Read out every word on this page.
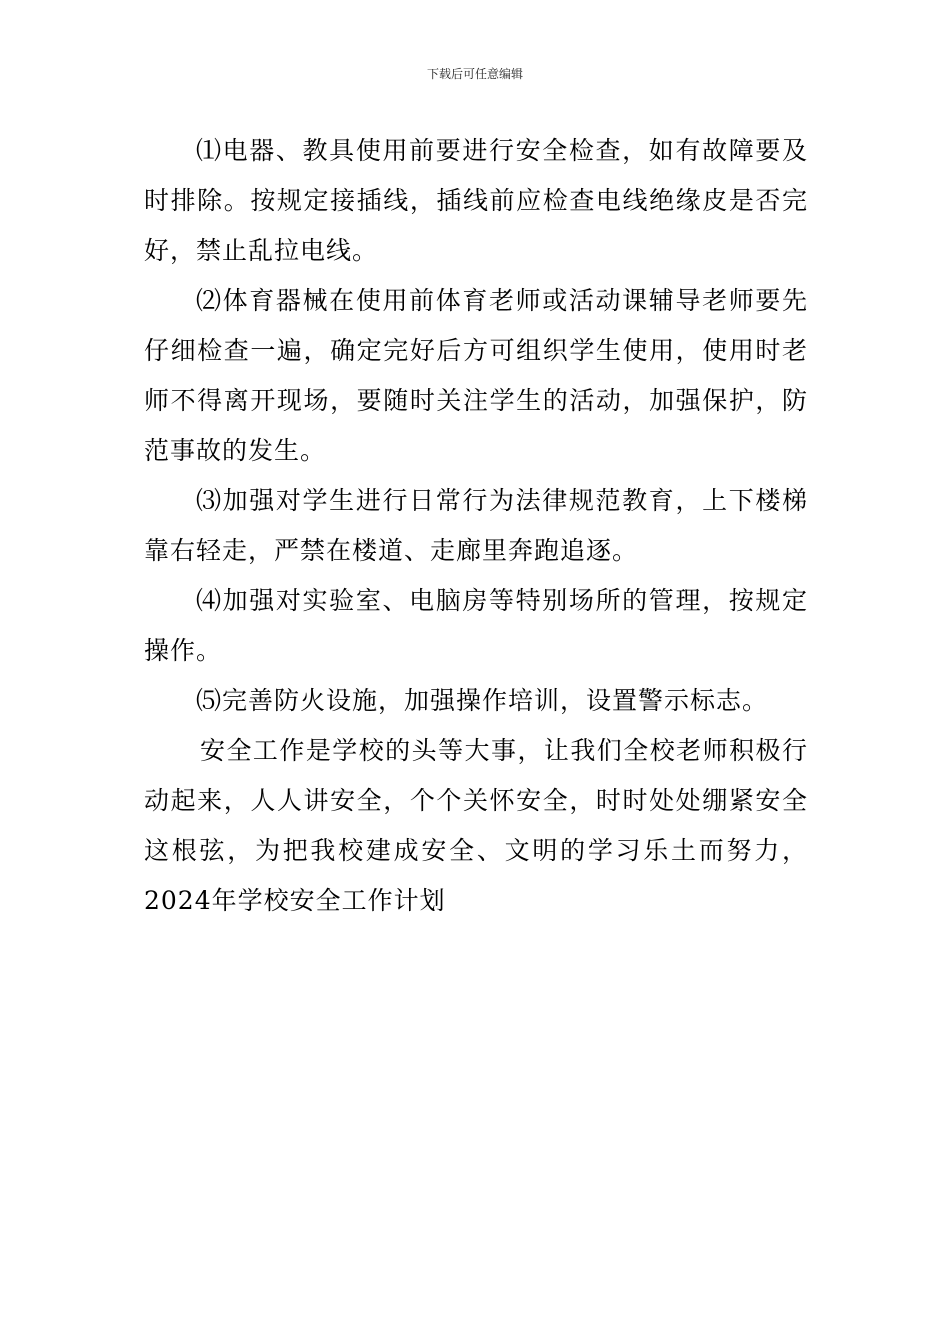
下载后可任意编辑

⑴电器、教具使用前要进行安全检查，如有故障要及时排除。按规定接插线，插线前应检查电线绝缘皮是否完好，禁止乱拉电线。

⑵体育器械在使用前体育老师或活动课辅导老师要先仔细检查一遍，确定完好后方可组织学生使用，使用时老师不得离开现场，要随时关注学生的活动，加强保护，防范事故的发生。

⑶加强对学生进行日常行为法律规范教育，上下楼梯靠右轻走，严禁在楼道、走廊里奔跑追逐。

⑷加强对实验室、电脑房等特别场所的管理，按规定操作。

⑸完善防火设施，加强操作培训，设置警示标志。

安全工作是学校的头等大事，让我们全校老师积极行动起来，人人讲安全，个个关怀安全，时时处处绷紧安全这根弦，为把我校建成安全、文明的学习乐土而努力，2024年学校安全工作计划
